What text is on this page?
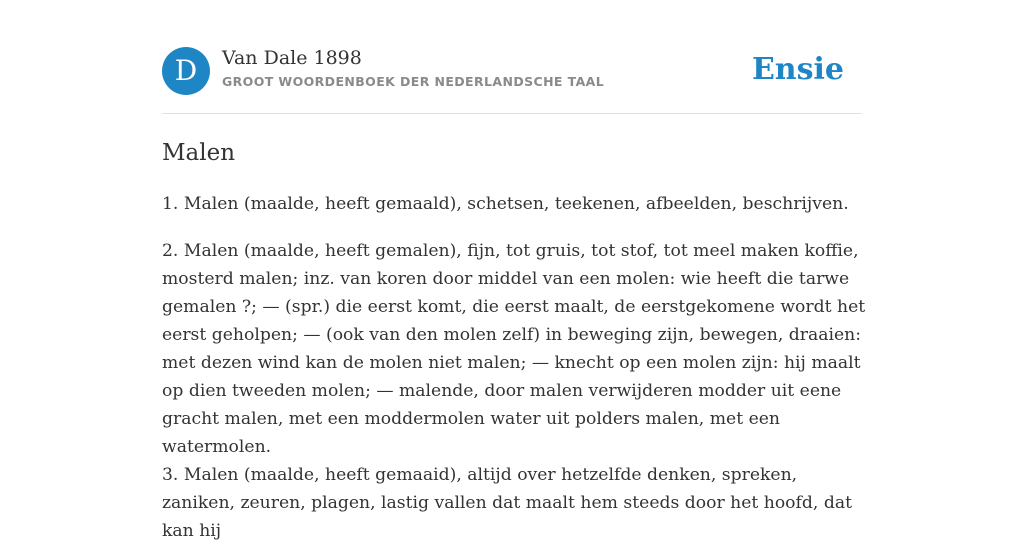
D	Van Dale 1898
GROOT WOORDENBOEK DER NEDERLANDSCHE TAAL	Ensie
Malen

1. Malen (maalde, heeft gemaald), schetsen, teekenen, afbeelden, beschrijven.

2. Malen (maalde, heeft gemalen), fijn, tot gruis, tot stof, tot meel maken koffie, mosterd malen; inz. van koren door middel van een molen: wie heeft die tarwe gemalen ?; — (spr.) die eerst komt, die eerst maalt, de eerstgekomene wordt het eerst geholpen; — (ook van den molen zelf) in beweging zijn, bewegen, draaien: met dezen wind kan de molen niet malen; — knecht op een molen zijn: hij maalt op dien tweeden molen; — malende, door malen verwijderen modder uit eene gracht malen, met een moddermolen water uit polders malen, met een watermolen.

3. Malen (maalde, heeft gemaaid), altijd over hetzelfde denken, spreken, zaniken, zeuren, plagen, lastig vallen dat maalt hem steeds door het hoofd, dat kan hij
